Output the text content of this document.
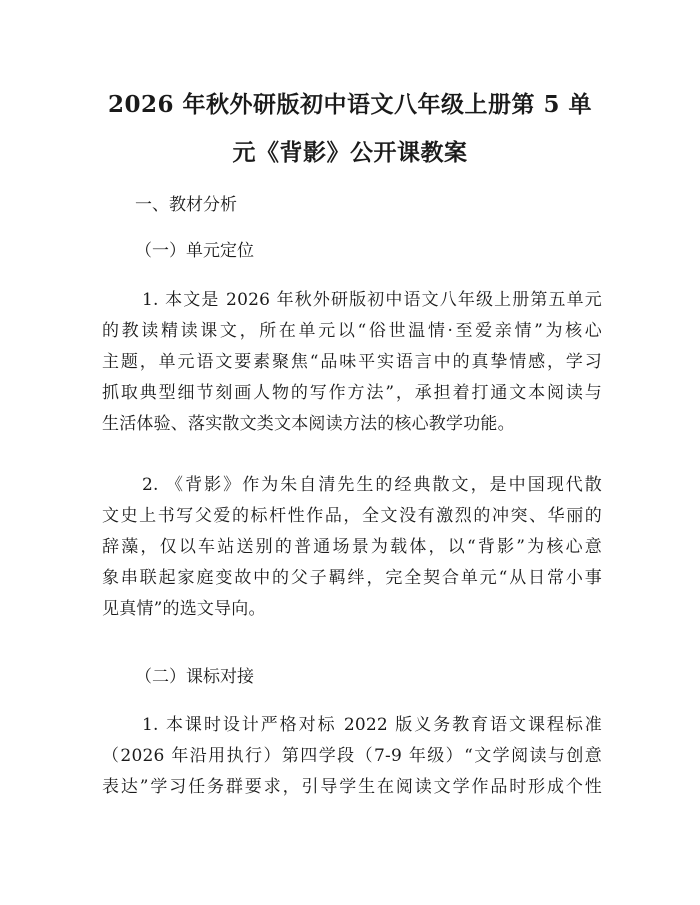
2026 年秋外研版初中语文八年级上册第 5 单
元《背影》公开课教案
一、教材分析
（一）单元定位
1. 本文是 2026 年秋外研版初中语文八年级上册第五单元
的教读精读课文，所在单元以“俗世温情·至爱亲情”为核心
主题，单元语文要素聚焦“品味平实语言中的真挚情感，学习
抓取典型细节刻画人物的写作方法”，承担着打通文本阅读与
生活体验、落实散文类文本阅读方法的核心教学功能。
2. 《背影》作为朱自清先生的经典散文，是中国现代散
文史上书写父爱的标杆性作品，全文没有激烈的冲突、华丽的
辞藻，仅以车站送别的普通场景为载体，以“背影”为核心意
象串联起家庭变故中的父子羁绊，完全契合单元“从日常小事
见真情”的选文导向。
（二）课标对接
1. 本课时设计严格对标 2022 版义务教育语文课程标准
（2026 年沿用执行）第四学段（7-9 年级）“文学阅读与创意
表达”学习任务群要求，引导学生在阅读文学作品时形成个性
